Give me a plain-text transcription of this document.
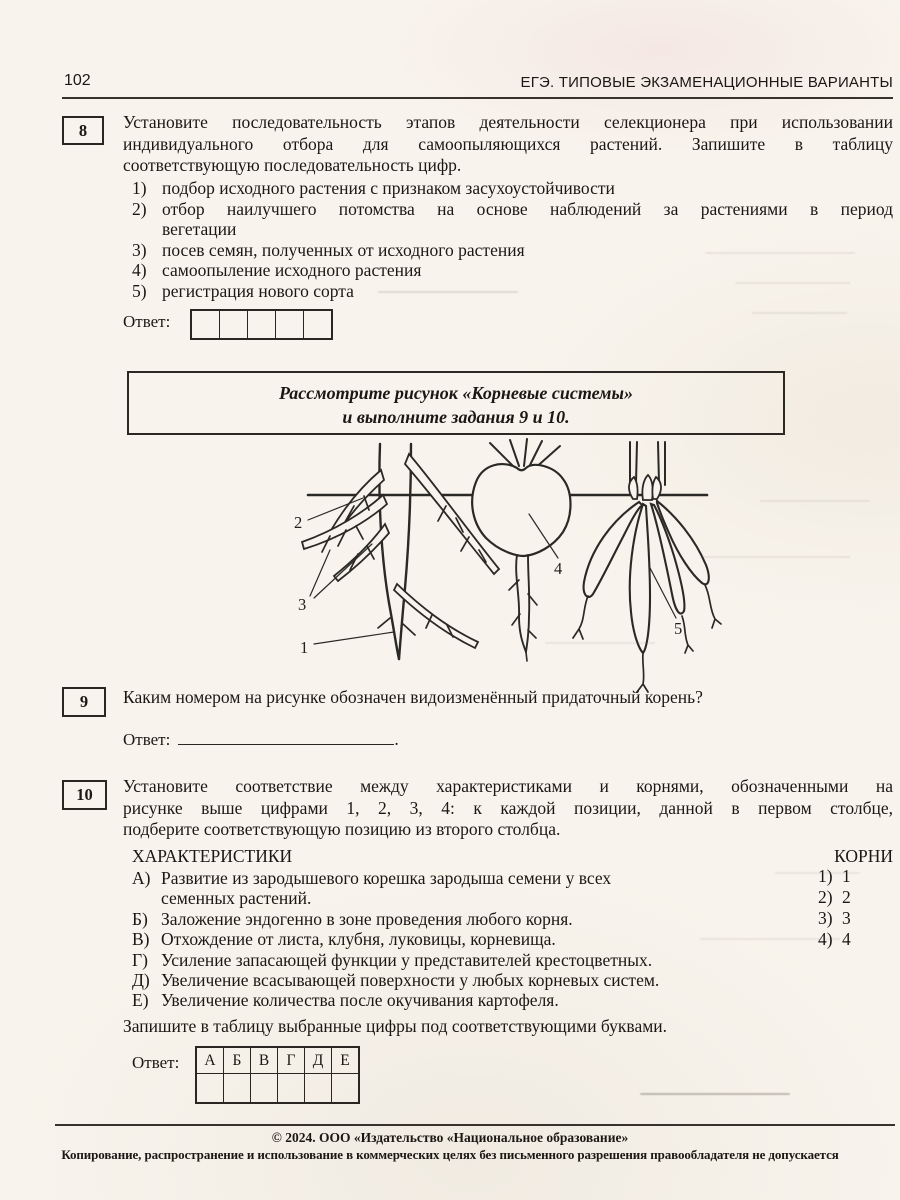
102	ЕГЭ. ТИПОВЫЕ ЭКЗАМЕНАЦИОННЫЕ ВАРИАНТЫ
8 Установите последовательность этапов деятельности селекционера при использовании
индивидуального отбора для самоопыляющихся растений. Запишите в таблицу
соответствующую последовательность цифр.
1) подбор исходного растения с признаком засухоустойчивости
2) отбор наилучшего потомства на основе наблюдений за растениями в период
вегетации
3) посев семян, полученных от исходного растения
4) самоопыление исходного растения
5) регистрация нового сорта
Ответ:
Рассмотрите рисунок «Корневые системы»
и выполните задания 9 и 10.
2
3
1
4
5
9 Каким номером на рисунке обозначен видоизменённый придаточный корень?
Ответ:	.
10 Установите соответствие между характеристиками и корнями, обозначенными на
рисунке выше цифрами 1, 2, 3, 4: к каждой позиции, данной в первом столбце,
подберите соответствующую позицию из второго столбца.
ХАРАКТЕРИСТИКИ	КОРНИ
А) Развитие из зародышевого корешка зародыша семени у всех
семенных растений.
Б) Заложение эндогенно в зоне проведения любого корня.
В) Отхождение от листа, клубня, луковицы, корневища.
Г) Усиление запасающей функции у представителей крестоцветных.
Д) Увеличение всасывающей поверхности у любых корневых систем.
Е) Увеличение количества после окучивания картофеля.
1) 1
2) 2
3) 3
4) 4
Запишите в таблицу выбранные цифры под соответствующими буквами.
Ответ: А	Б	В	Г	Д	Е

© 2024. ООО «Издательство «Национальное образование»
Копирование, распространение и использование в коммерческих целях без письменного разрешения правообладателя не допускается
